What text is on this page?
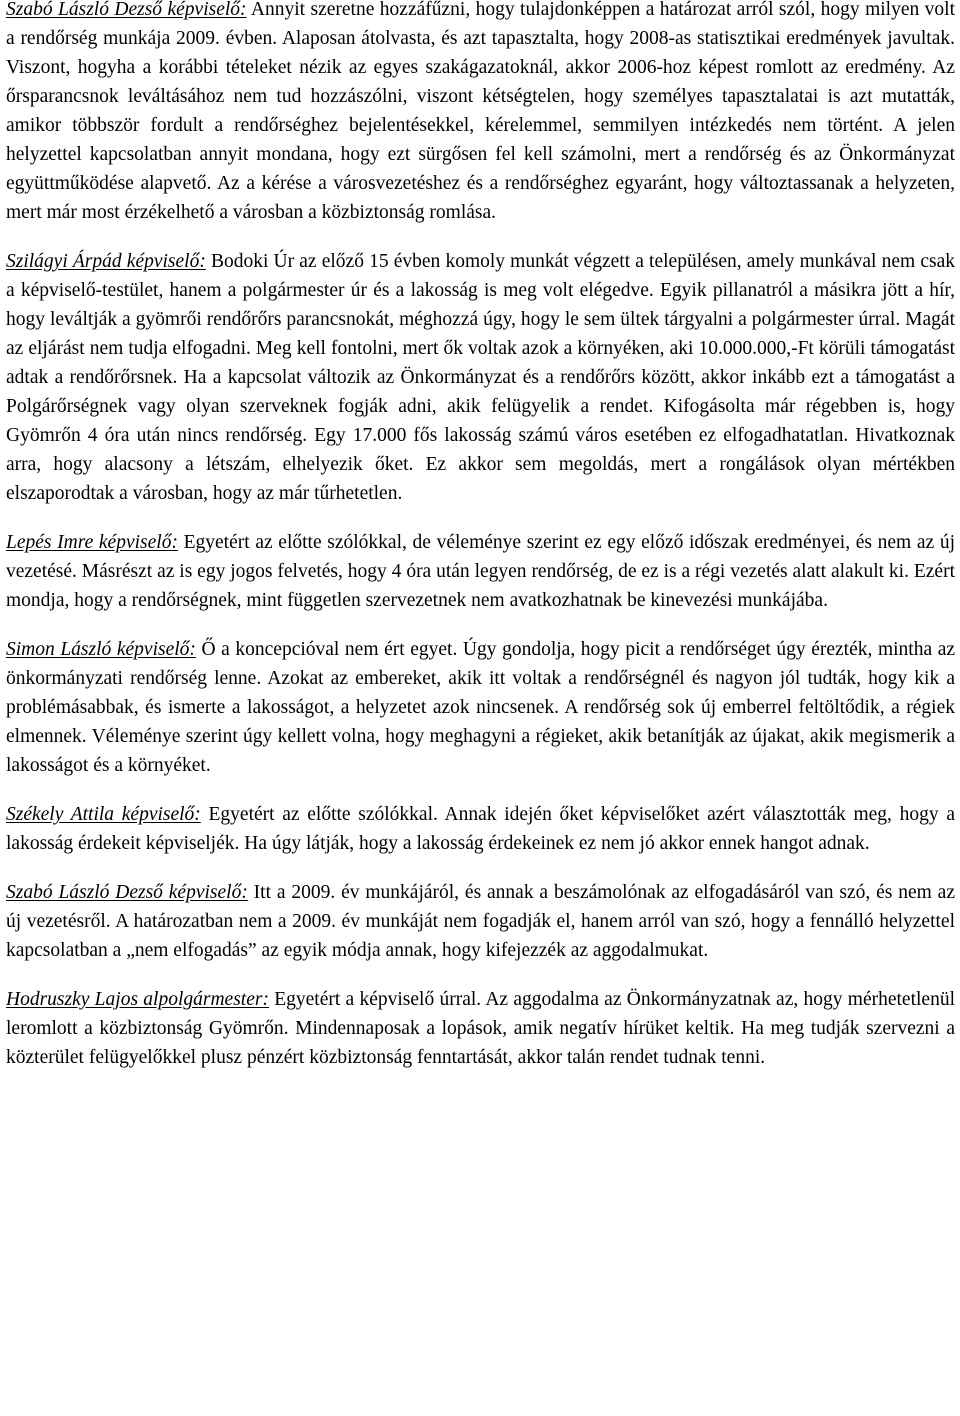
Szabó László Dezső képviselő: Annyit szeretne hozzáfűzni, hogy tulajdonképpen a határozat arról szól, hogy milyen volt a rendőrség munkája 2009. évben. Alaposan átolvasta, és azt tapasztalta, hogy 2008-as statisztikai eredmények javultak. Viszont, hogyha a korábbi tételeket nézik az egyes szakágazatoknál, akkor 2006-hoz képest romlott az eredmény. Az őrsparancsnok leváltásához nem tud hozzászólni, viszont kétségtelen, hogy személyes tapasztalatai is azt mutatták, amikor többször fordult a rendőrséghez bejelentésekkel, kérelemmel, semmilyen intézkedés nem történt. A jelen helyzettel kapcsolatban annyit mondana, hogy ezt sürgősen fel kell számolni, mert a rendőrség és az Önkormányzat együttműködése alapvető. Az a kérése a városvezetéshez és a rendőrséghez egyaránt, hogy változtassanak a helyzeten, mert már most érzékelhető a városban a közbiztonság romlása.

Szilágyi Árpád képviselő: Bodoki Úr az előző 15 évben komoly munkát végzett a településen, amely munkával nem csak a képviselő-testület, hanem a polgármester úr és a lakosság is meg volt elégedve. Egyik pillanatról a másikra jött a hír, hogy leváltják a gyömrői rendőrőrs parancsnokát, méghozzá úgy, hogy le sem ültek tárgyalni a polgármester úrral. Magát az eljárást nem tudja elfogadni. Meg kell fontolni, mert ők voltak azok a környéken, aki 10.000.000,-Ft körüli támogatást adtak a rendőrőrsnek. Ha a kapcsolat változik az Önkormányzat és a rendőrőrs között, akkor inkább ezt a támogatást a Polgárőrségnek vagy olyan szerveknek fogják adni, akik felügyelik a rendet. Kifogásolta már régebben is, hogy Gyömrőn 4 óra után nincs rendőrség. Egy 17.000 fős lakosság számú város esetében ez elfogadhatatlan. Hivatkoznak arra, hogy alacsony a létszám, elhelyezik őket. Ez akkor sem megoldás, mert a rongálások olyan mértékben elszaporodtak a városban, hogy az már tűrhetetlen.

Lepés Imre képviselő: Egyetért az előtte szólókkal, de véleménye szerint ez egy előző időszak eredményei, és nem az új vezetésé. Másrészt az is egy jogos felvetés, hogy 4 óra után legyen rendőrség, de ez is a régi vezetés alatt alakult ki. Ezért mondja, hogy a rendőrségnek, mint független szervezetnek nem avatkozhatnak be kinevezési munkájába.

Simon László képviselő: Ő a koncepcióval nem ért egyet. Úgy gondolja, hogy picit a rendőrséget úgy érezték, mintha az önkormányzati rendőrség lenne. Azokat az embereket, akik itt voltak a rendőrségnél és nagyon jól tudták, hogy kik a problémásabbak, és ismerte a lakosságot, a helyzetet azok nincsenek. A rendőrség sok új emberrel feltöltődik, a régiek elmennek. Véleménye szerint úgy kellett volna, hogy meghagyni a régieket, akik betanítják az újakat, akik megismerik a lakosságot és a környéket.

Székely Attila képviselő: Egyetért az előtte szólókkal. Annak idején őket képviselőket azért választották meg, hogy a lakosság érdekeit képviseljék. Ha úgy látják, hogy a lakosság érdekeinek ez nem jó akkor ennek hangot adnak.

Szabó László Dezső képviselő: Itt a 2009. év munkájáról, és annak a beszámolónak az elfogadásáról van szó, és nem az új vezetésről. A határozatban nem a 2009. év munkáját nem fogadják el, hanem arról van szó, hogy a fennálló helyzettel kapcsolatban a „nem elfogadás” az egyik módja annak, hogy kifejezzék az aggodalmukat.

Hodruszky Lajos alpolgármester: Egyetért a képviselő úrral. Az aggodalma az Önkormányzatnak az, hogy mérhetetlenül leromlott a közbiztonság Gyömrőn. Mindennaposak a lopások, amik negatív hírüket keltik. Ha meg tudják szervezni a közterület felügyelőkkel plusz pénzért közbiztonság fenntartását, akkor talán rendet tudnak tenni.
